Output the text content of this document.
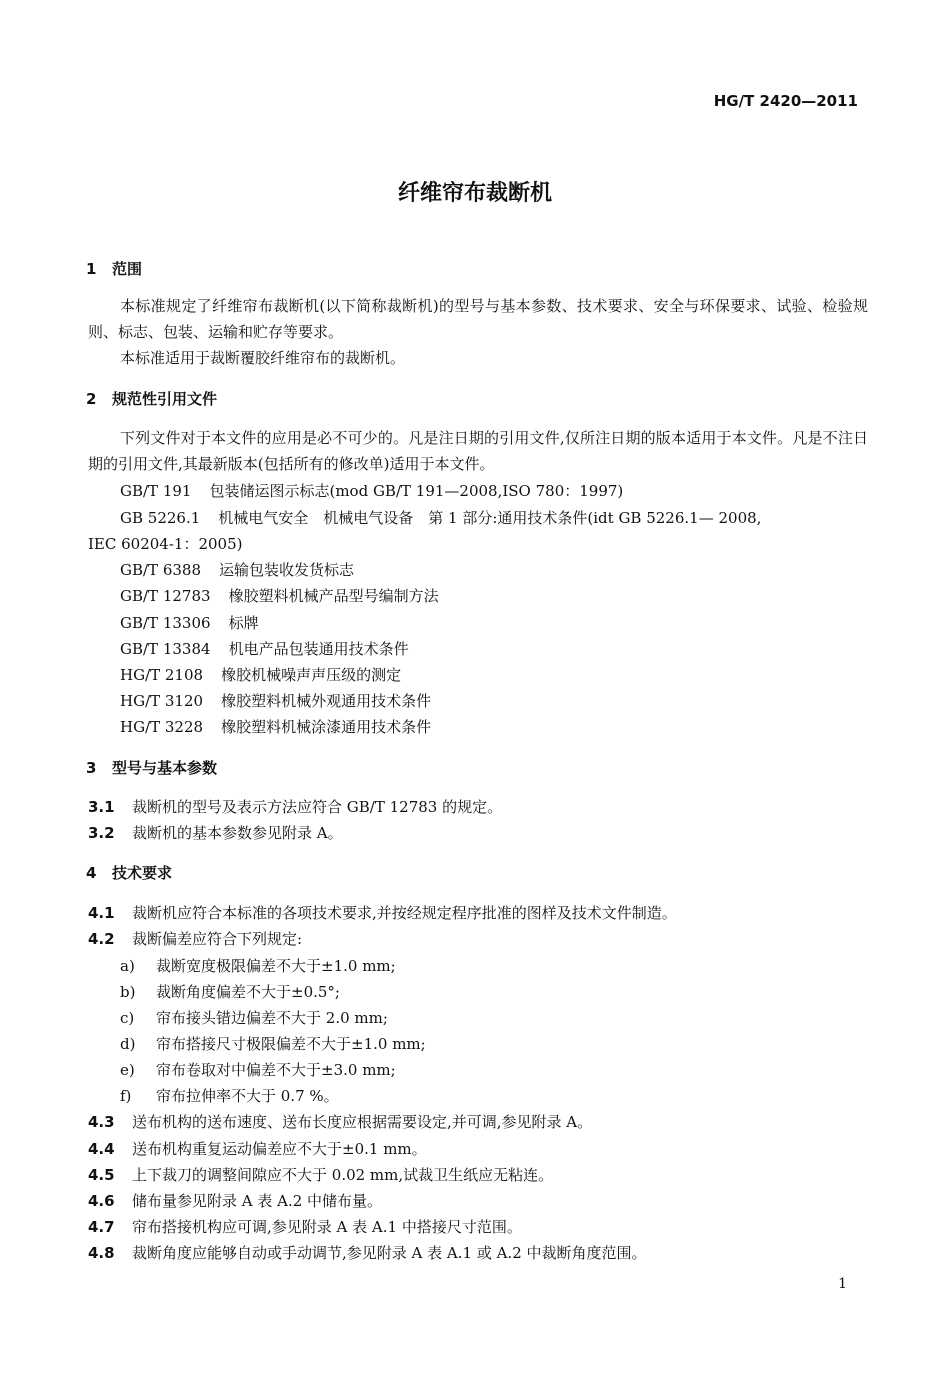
HG/T 2420—2011
纤维帘布裁断机
1 范围
本标准规定了纤维帘布裁断机(以下简称裁断机)的型号与基本参数、技术要求、安全与环保要求、试验、检验规则、标志、包装、运输和贮存等要求。
本标准适用于裁断覆胶纤维帘布的裁断机。
2 规范性引用文件
下列文件对于本文件的应用是必不可少的。凡是注日期的引用文件,仅所注日期的版本适用于本文件。凡是不注日期的引用文件,其最新版本(包括所有的修改单)适用于本文件。
GB/T 191 包装储运图示标志(mod GB/T 191—2008,ISO 780：1997)
GB 5226.1 机械电气安全　机械电气设备　第 1 部分:通用技术条件(idt GB 5226.1— 2008,
IEC 60204-1：2005)
GB/T 6388 运输包装收发货标志
GB/T 12783 橡胶塑料机械产品型号编制方法
GB/T 13306 标牌
GB/T 13384 机电产品包装通用技术条件
HG/T 2108 橡胶机械噪声声压级的测定
HG/T 3120 橡胶塑料机械外观通用技术条件
HG/T 3228 橡胶塑料机械涂漆通用技术条件
3 型号与基本参数
3.1 裁断机的型号及表示方法应符合 GB/T 12783 的规定。
3.2 裁断机的基本参数参见附录 A。
4 技术要求
4.1 裁断机应符合本标准的各项技术要求,并按经规定程序批准的图样及技术文件制造。
4.2 裁断偏差应符合下列规定:
a) 裁断宽度极限偏差不大于±1.0 mm;
b) 裁断角度偏差不大于±0.5°;
c) 帘布接头错边偏差不大于 2.0 mm;
d) 帘布搭接尺寸极限偏差不大于±1.0 mm;
e) 帘布卷取对中偏差不大于±3.0 mm;
f) 帘布拉伸率不大于 0.7 %。
4.3 送布机构的送布速度、送布长度应根据需要设定,并可调,参见附录 A。
4.4 送布机构重复运动偏差应不大于±0.1 mm。
4.5 上下裁刀的调整间隙应不大于 0.02 mm,试裁卫生纸应无粘连。
4.6 储布量参见附录 A 表 A.2 中储布量。
4.7 帘布搭接机构应可调,参见附录 A 表 A.1 中搭接尺寸范围。
4.8 裁断角度应能够自动或手动调节,参见附录 A 表 A.1 或 A.2 中裁断角度范围。
1
